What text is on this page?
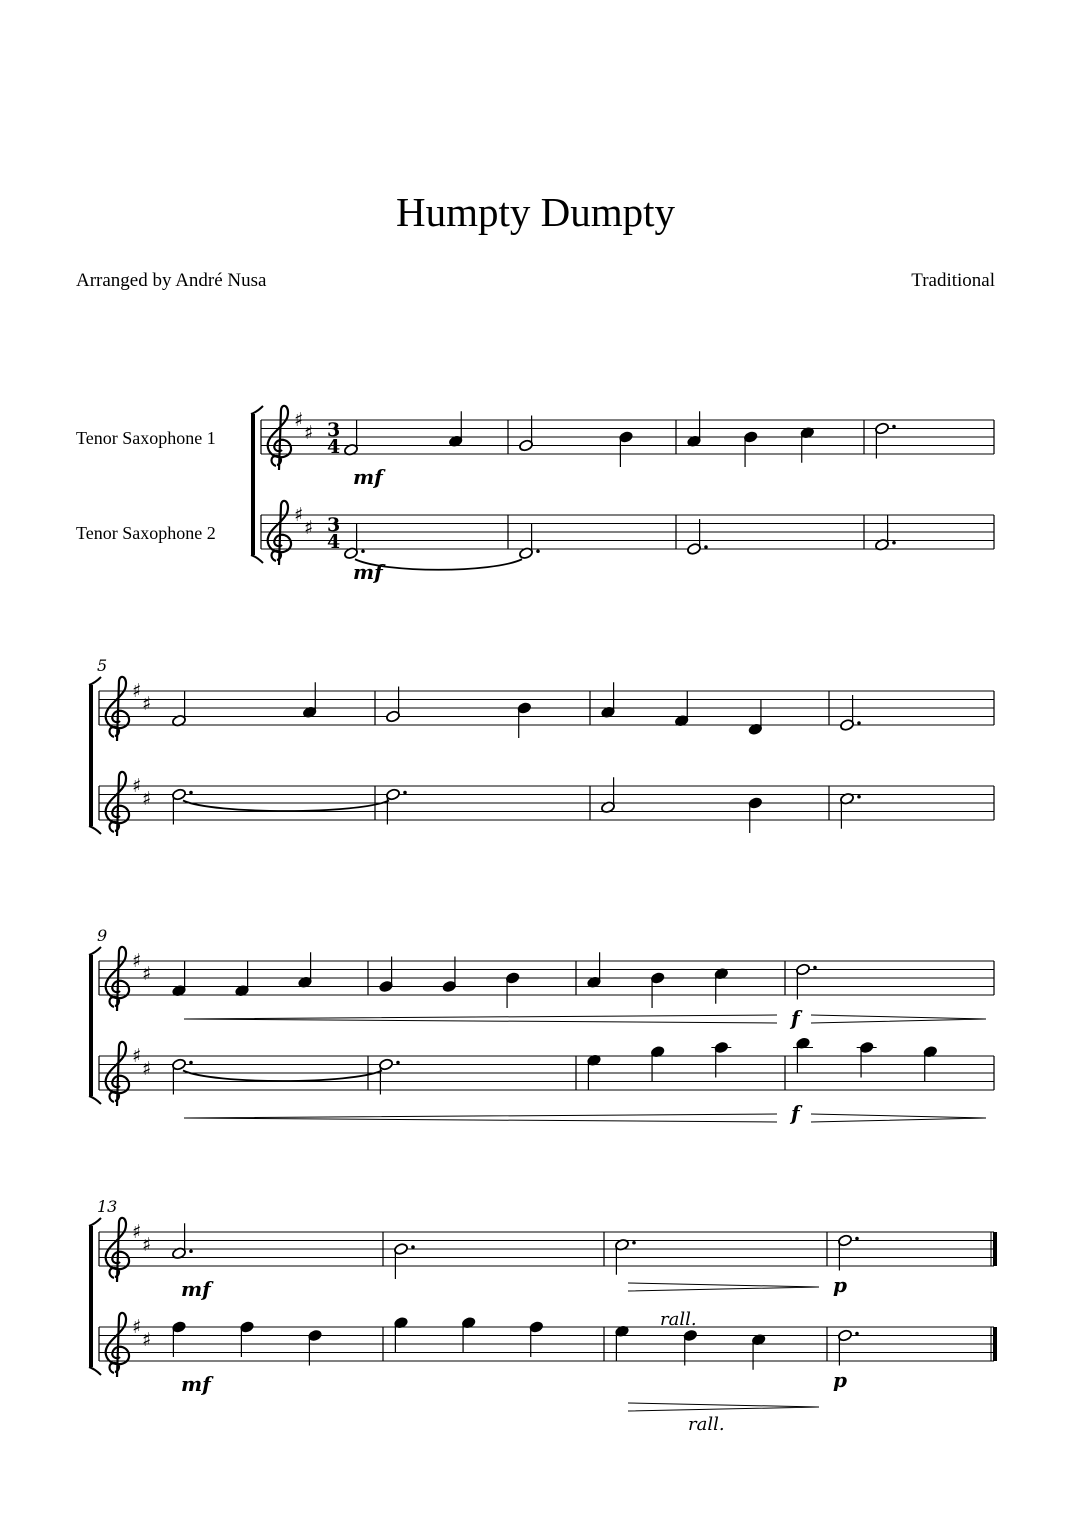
Humpty Dumpty
Arranged by André Nusa	Traditional
Tenor Saxophone 1
Tenor Saxophone 2
♯
♯ 3
4
♯
♯ 3
4
mf
mf
5
♯
♯
♯
♯
9
♯
♯
♯
♯
f
f
13
♯
♯
♯
♯
mf
mf
p
p
rall.
rall.
